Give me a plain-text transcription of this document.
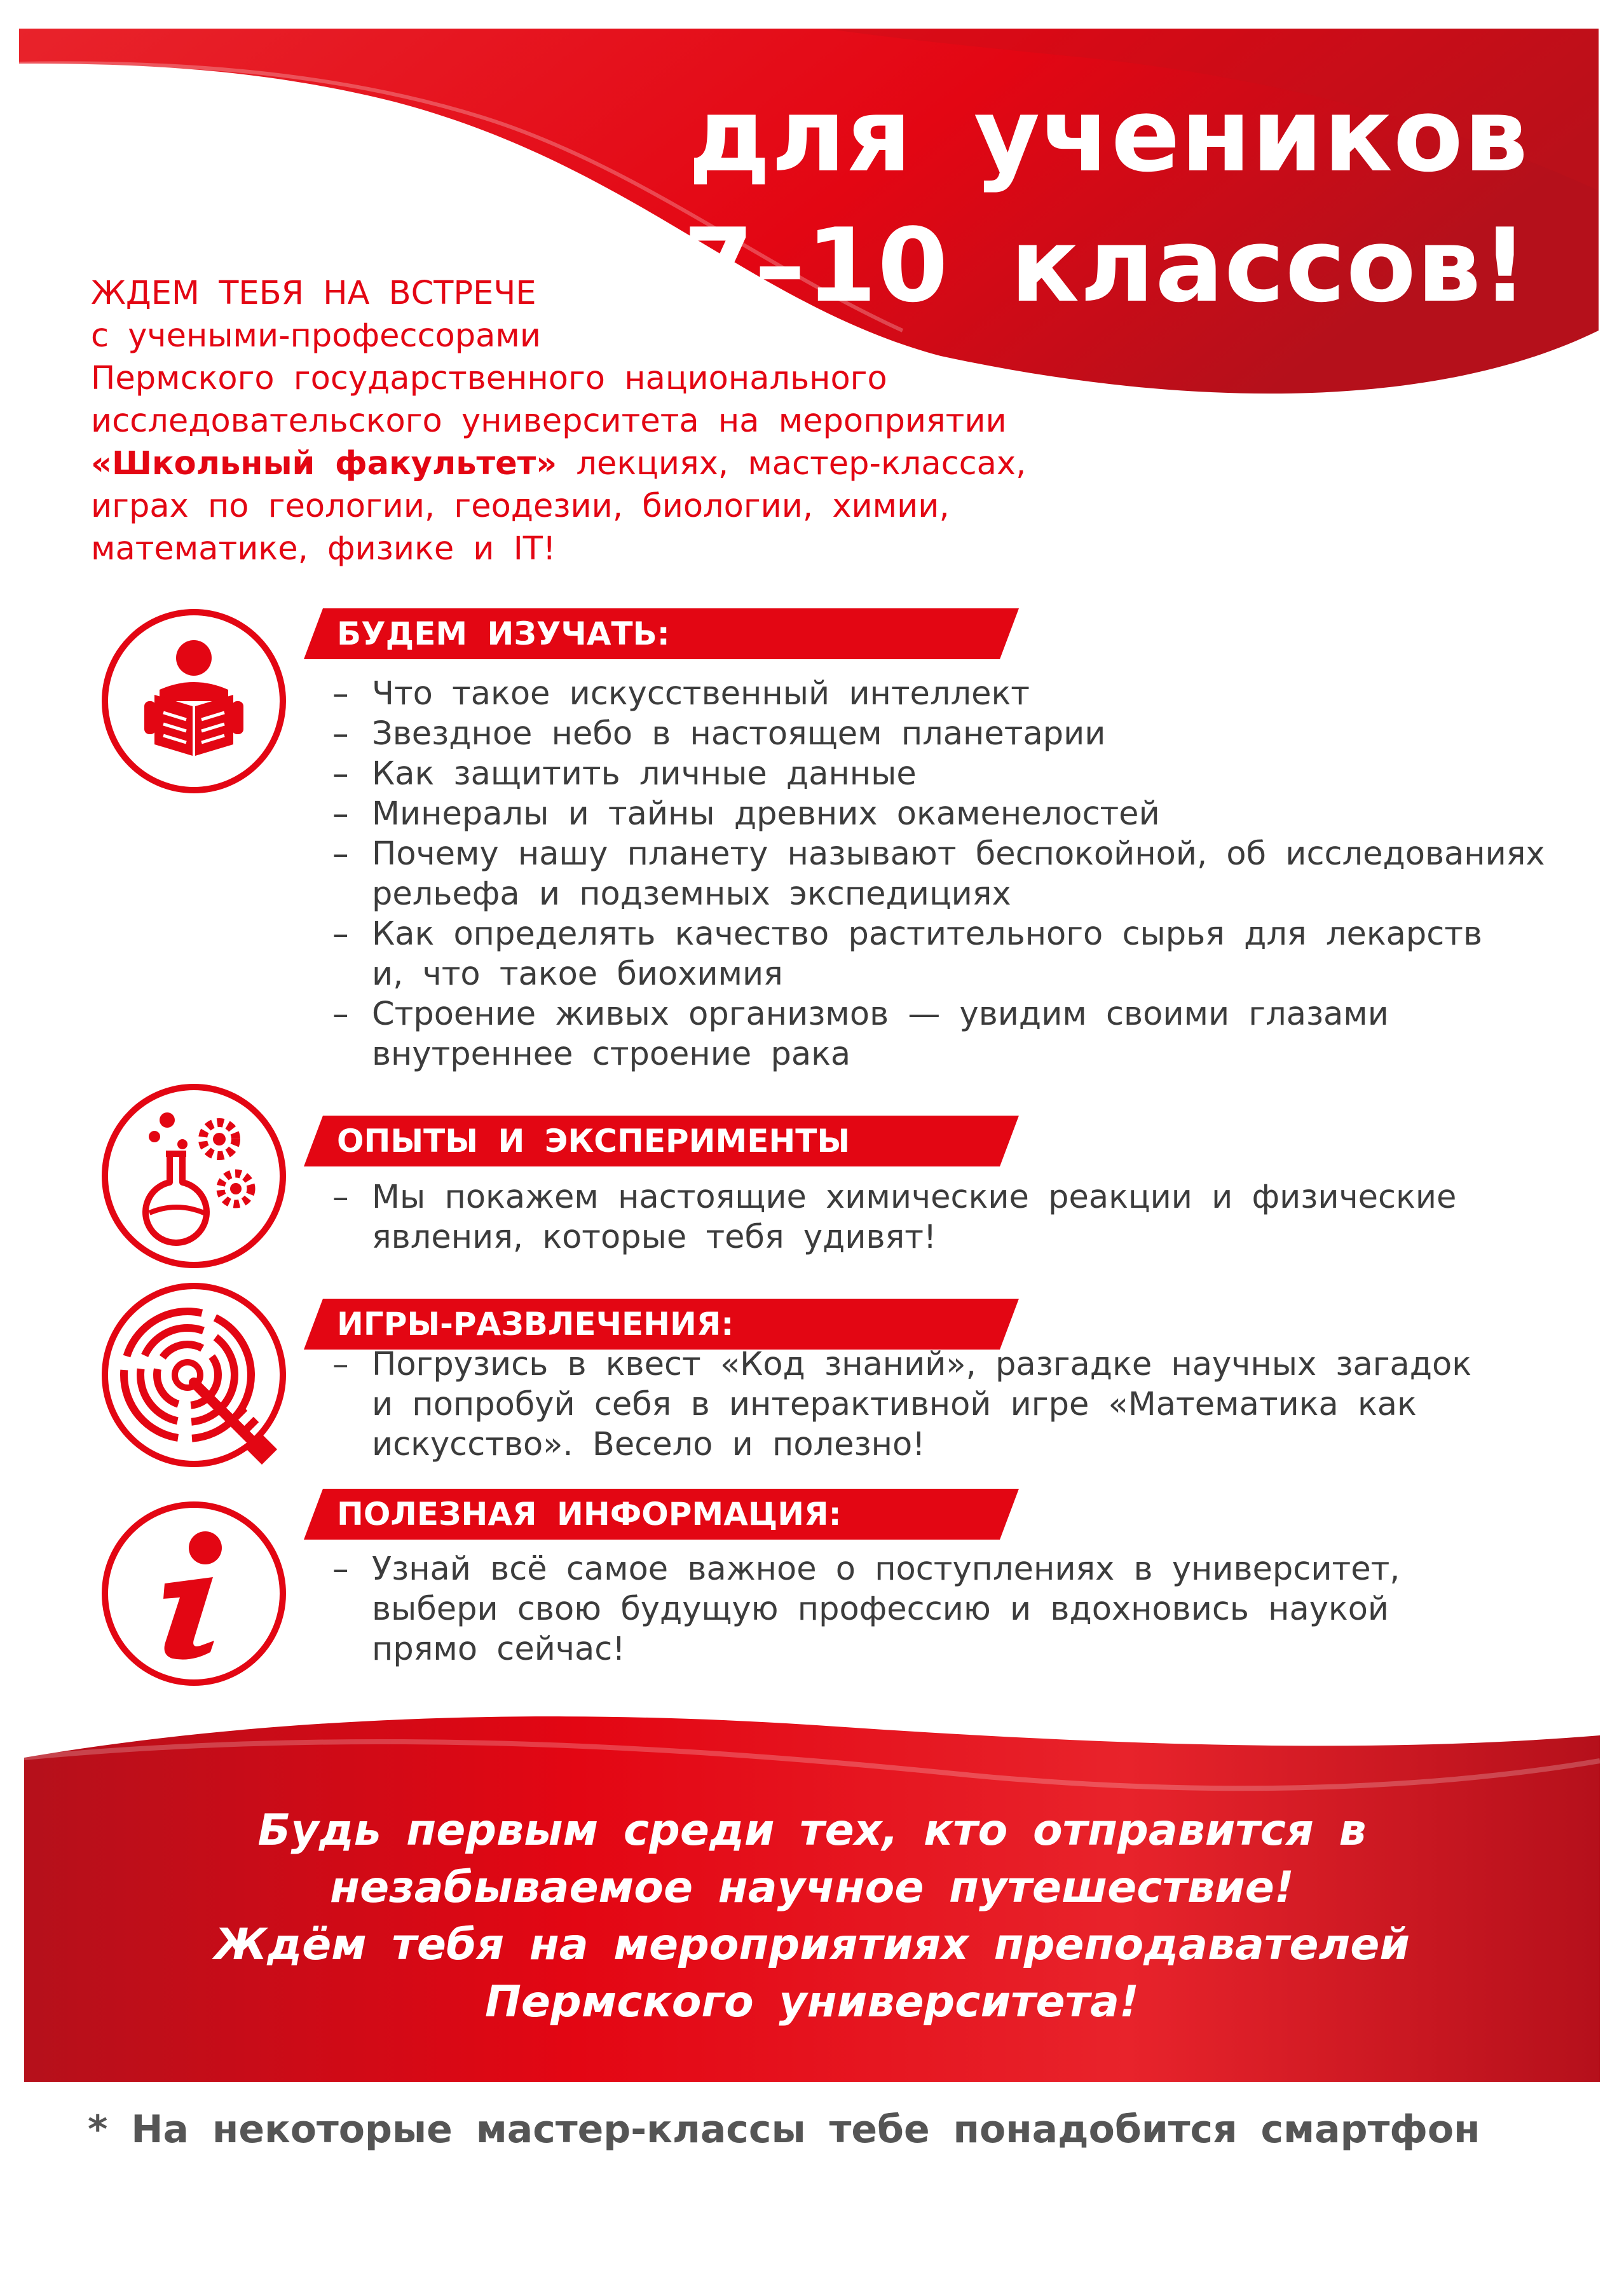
для учеников
7–10 классов!
ЖДЕМ ТЕБЯ НА ВСТРЕЧЕ
с учеными-профессорами
Пермского государственного национального
исследовательского университета на мероприятии
«Школьный факультет» лекциях, мастер-классах,
играх по геологии, геодезии, биологии, химии,
математике, физике и IT!
БУДЕМ ИЗУЧАТЬ:
– Что такое искусственный интеллект
– Звездное небо в настоящем планетарии
– Как защитить личные данные
– Минералы и тайны древних окаменелостей
– Почему нашу планету называют беспокойной, об исследованиях
рельефа и подземных экспедициях
– Как определять качество растительного сырья для лекарств
и, что такое биохимия
– Строение живых организмов — увидим своими глазами
внутреннее строение рака
ОПЫТЫ И ЭКСПЕРИМЕНТЫ
– Мы покажем настоящие химические реакции и физические
явления, которые тебя удивят!
ИГРЫ-РАЗВЛЕЧЕНИЯ:
– Погрузись в квест «Код знаний», разгадке научных загадок
и попробуй себя в интерактивной игре «Математика как
искусство». Весело и полезно!
ПОЛЕЗНАЯ ИНФОРМАЦИЯ:
– Узнай всё самое важное о поступлениях в университет,
выбери свою будущую профессию и вдохновись наукой
прямо сейчас!
Будь первым среди тех, кто отправится в
незабываемое научное путешествие!
Ждём тебя на мероприятиях преподавателей
Пермского университета!
* На некоторые мастер-классы тебе понадобится смартфон
